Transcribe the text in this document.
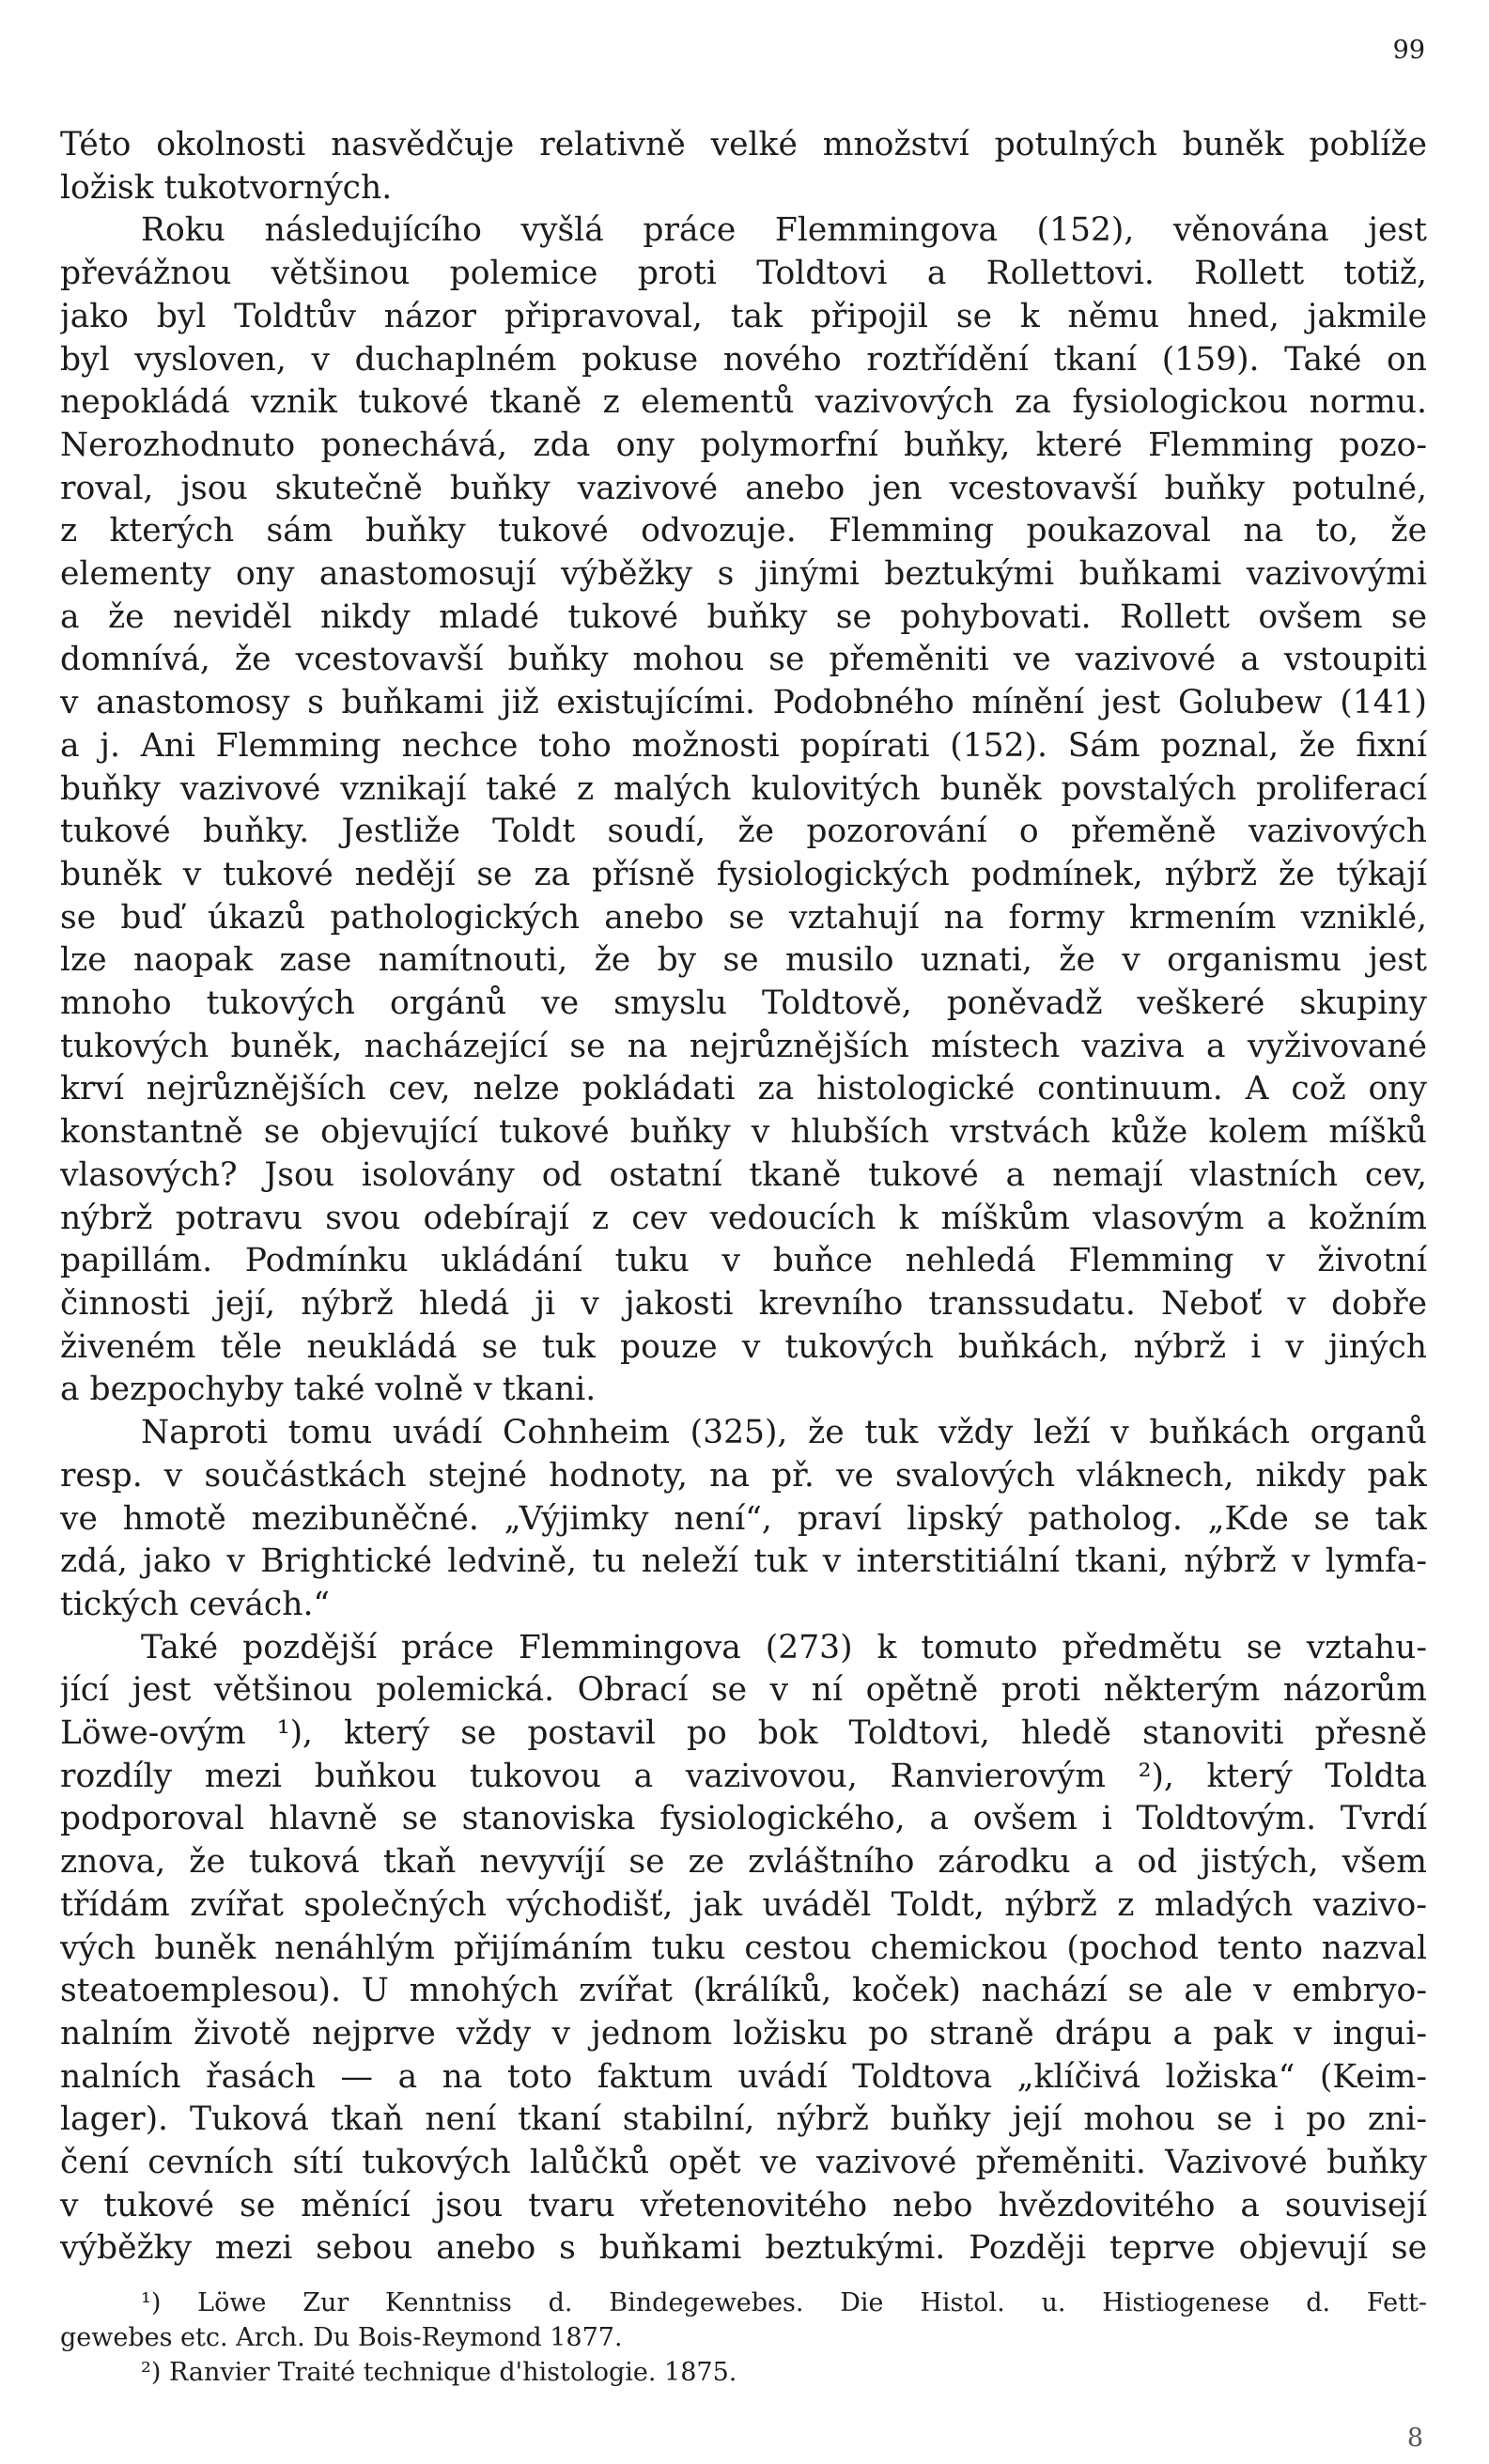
99
Této okolnosti nasvědčuje relativně velké množství potulných buněk poblíže
ložisk tukotvorných.
Roku následujícího vyšlá práce Flemmingova (152), věnována jest
převážnou většinou polemice proti Toldtovi a Rollettovi. Rollett totiž,
jako byl Toldtův názor připravoval, tak připojil se k němu hned, jakmile
byl vysloven, v duchaplném pokuse nového roztřídění tkaní (159). Také on
nepokládá vznik tukové tkaně z elementů vazivových za fysiologickou normu.
Nerozhodnuto ponechává, zda ony polymorfní buňky, které Flemming pozo-
roval, jsou skutečně buňky vazivové anebo jen vcestovavší buňky potulné,
z kterých sám buňky tukové odvozuje. Flemming poukazoval na to, že
elementy ony anastomosují výběžky s jinými beztukými buňkami vazivovými
a že neviděl nikdy mladé tukové buňky se pohybovati. Rollett ovšem se
domnívá, že vcestovavší buňky mohou se přeměniti ve vazivové a vstoupiti
v anastomosy s buňkami již existujícími. Podobného mínění jest Golubew (141)
a j. Ani Flemming nechce toho možnosti popírati (152). Sám poznal, že fixní
buňky vazivové vznikají také z malých kulovitých buněk povstalých proliferací
tukové buňky. Jestliže Toldt soudí, že pozorování o přeměně vazivových
buněk v tukové nedějí se za přísně fysiologických podmínek, nýbrž že týkají
se buď úkazů pathologických anebo se vztahují na formy krmením vzniklé,
lze naopak zase namítnouti, že by se musilo uznati, že v organismu jest
mnoho tukových orgánů ve smyslu Toldtově, poněvadž veškeré skupiny
tukových buněk, nacházející se na nejrůznějších místech vaziva a vyživované
krví nejrůznějších cev, nelze pokládati za histologické continuum. A což ony
konstantně se objevující tukové buňky v hlubších vrstvách kůže kolem míšků
vlasových? Jsou isolovány od ostatní tkaně tukové a nemají vlastních cev,
nýbrž potravu svou odebírají z cev vedoucích k míškům vlasovým a kožním
papillám. Podmínku ukládání tuku v buňce nehledá Flemming v životní
činnosti její, nýbrž hledá ji v jakosti krevního transsudatu. Neboť v dobře
živeném těle neukládá se tuk pouze v tukových buňkách, nýbrž i v jiných
a bezpochyby také volně v tkani.
Naproti tomu uvádí Cohnheim (325), že tuk vždy leží v buňkách organů
resp. v součástkách stejné hodnoty, na př. ve svalových vláknech, nikdy pak
ve hmotě mezibuněčné. „Výjimky není“, praví lipský patholog. „Kde se tak
zdá, jako v Brightické ledvině, tu neleží tuk v interstitiální tkani, nýbrž v lymfa-
tických cevách.“
Také pozdější práce Flemmingova (273) k tomuto předmětu se vztahu-
jící jest většinou polemická. Obrací se v ní opětně proti některým názorům
Löwe-ovým ¹), který se postavil po bok Toldtovi, hledě stanoviti přesně
rozdíly mezi buňkou tukovou a vazivovou, Ranvierovým ²), který Toldta
podporoval hlavně se stanoviska fysiologického, a ovšem i Toldtovým. Tvrdí
znova, že tuková tkaň nevyvíjí se ze zvláštního zárodku a od jistých, všem
třídám zvířat společných východišť, jak uváděl Toldt, nýbrž z mladých vazivo-
vých buněk nenáhlým přijímáním tuku cestou chemickou (pochod tento nazval
steatoemplesou). U mnohých zvířat (králíků, koček) nachází se ale v embryo-
nalním životě nejprve vždy v jednom ložisku po straně drápu a pak v ingui-
nalních řasách — a na toto faktum uvádí Toldtova „klíčivá ložiska“ (Keim-
lager). Tuková tkaň není tkaní stabilní, nýbrž buňky její mohou se i po zni-
čení cevních sítí tukových lalůčků opět ve vazivové přeměniti. Vazivové buňky
v tukové se měnící jsou tvaru vřetenovitého nebo hvězdovitého a souvisejí
výběžky mezi sebou anebo s buňkami beztukými. Později teprve objevují se
¹) Löwe Zur Kenntniss d. Bindegewebes. Die Histol. u. Histiogenese d. Fett-
gewebes etc. Arch. Du Bois-Reymond 1877.
²) Ranvier Traité technique d'histologie. 1875.
8
